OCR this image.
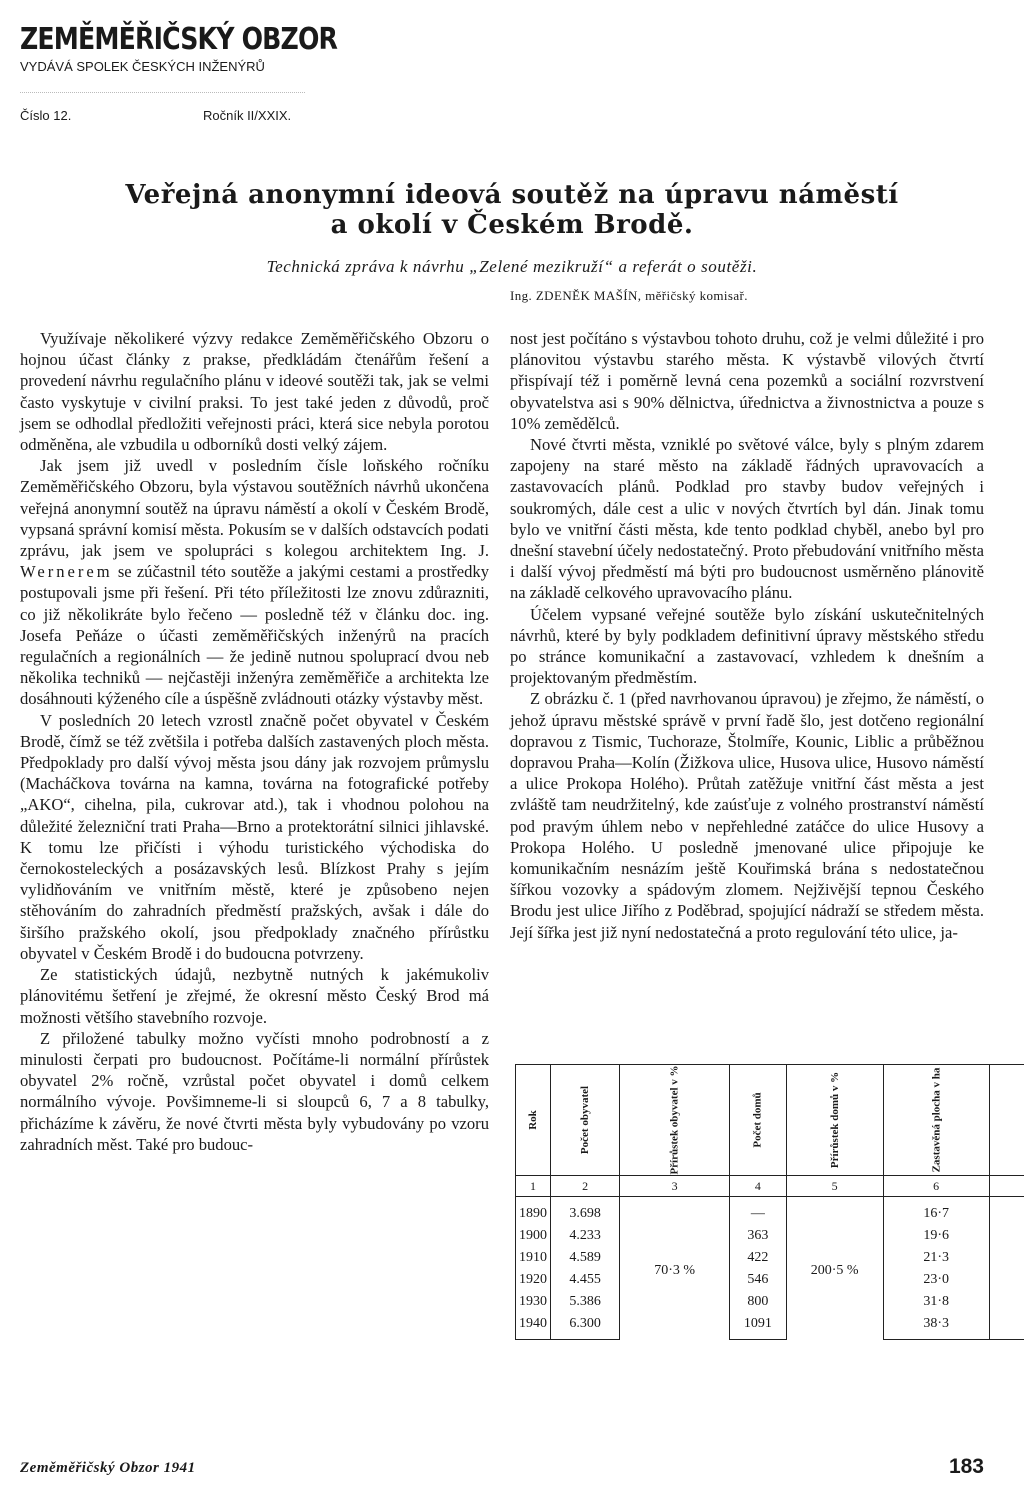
ZEMĚMĚŘIČSKÝ OBZOR
VYDÁVÁ SPOLEK ČESKÝCH INŽENÝRŮ
Číslo 12.	Ročník II/XXIX.
Veřejná anonymní ideová soutěž na úpravu náměstí
a okolí v Českém Brodě.
Technická zpráva k návrhu „Zelené mezikruží“ a referát o soutěži.
Ing. ZDENĚK MAŠÍN, měřičský komisař.

Využívaje několikeré výzvy redakce Zeměměřičského Obzoru o hojnou účast články z prakse, předkládám čtenářům řešení a provedení návrhu regulačního plánu v ideové soutěži tak, jak se velmi často vyskytuje v civilní praksi. To jest také jeden z důvodů, proč jsem se odhodlal předložiti veřejnosti práci, která sice nebyla porotou odměněna, ale vzbudila u odborníků dosti velký zájem.

Jak jsem již uvedl v posledním čísle loňského ročníku Zeměměřičského Obzoru, byla výstavou soutěžních návrhů ukončena veřejná anonymní soutěž na úpravu náměstí a okolí v Českém Brodě, vypsaná správní komisí města. Pokusím se v dalších odstavcích podati zprávu, jak jsem ve spolupráci s kolegou architektem Ing. J. Wernerem se zúčastnil této soutěže a jakými cestami a prostředky postupovali jsme při řešení. Při této příležitosti lze znovu zdůrazniti, co již několikráte bylo řečeno — posledně též v článku doc. ing. Josefa Peňáze o účasti zeměměřičských inženýrů na pracích regulačních a regionálních — že jedině nutnou spoluprací dvou neb několika techniků — nejčastěji inženýra zeměměřiče a architekta lze dosáhnouti kýženého cíle a úspěšně zvládnouti otázky výstavby měst.

V posledních 20 letech vzrostl značně počet obyvatel v Českém Brodě, čímž se též zvětšila i potřeba dalších zastavených ploch města. Předpoklady pro další vývoj města jsou dány jak rozvojem průmyslu (Macháčkova továrna na kamna, továrna na fotografické potřeby „AKO“, cihelna, pila, cukrovar atd.), tak i vhodnou polohou na důležité železniční trati Praha—Brno a protektorátní silnici jihlavské. K tomu lze přičísti i výhodu turistického východiska do černokosteleckých a posázavských lesů. Blízkost Prahy s jejím vylidňováním ve vnitřním městě, které je způsobeno nejen stěhováním do zahradních předměstí pražských, avšak i dále do širšího pražského okolí, jsou předpoklady značného přírůstku obyvatel v Českém Brodě i do budoucna potvrzeny.

Ze statistických údajů, nezbytně nutných k jakémukoliv plánovitému šetření je zřejmé, že okresní město Český Brod má možnosti většího stavebního rozvoje.

Z přiložené tabulky možno vyčísti mnoho podrobností a z minulosti čerpati pro budoucnost. Počítáme-li normální přírůstek obyvatel 2% ročně, vzrůstal počet obyvatel i domů celkem normálního vývoje. Povšimneme-li si sloupců 6, 7 a 8 tabulky, přicházíme k závěru, že nové čtvrti města byly vybudovány po vzoru zahradních měst. Také pro budouc-

nost jest počítáno s výstavbou tohoto druhu, což je velmi důležité i pro plánovitou výstavbu starého města. K výstavbě vilových čtvrtí přispívají též i poměrně levná cena pozemků a sociální rozvrstvení obyvatelstva asi s 90% dělnictva, úřednictva a živnostnictva a pouze s 10% zemědělců.

Nové čtvrti města, vzniklé po světové válce, byly s plným zdarem zapojeny na staré město na základě řádných upravovacích a zastavovacích plánů. Podklad pro stavby budov veřejných i soukromých, dále cest a ulic v nových čtvrtích byl dán. Jinak tomu bylo ve vnitřní části města, kde tento podklad chyběl, anebo byl pro dnešní stavební účely nedostatečný. Proto přebudování vnitřního města i další vývoj předměstí má býti pro budoucnost usměrněno plánovitě na základě celkového upravovacího plánu.

Účelem vypsané veřejné soutěže bylo získání uskutečnitelných návrhů, které by byly podkladem definitivní úpravy městského středu po stránce komunikační a zastavovací, vzhledem k dnešním a projektovaným předměstím.

Z obrázku č. 1 (před navrhovanou úpravou) je zřejmo, že náměstí, o jehož úpravu městské správě v první řadě šlo, jest dotčeno regionální dopravou z Tismic, Tuchoraze, Štolmíře, Kounic, Liblic a průběžnou dopravou Praha—Kolín (Žižkova ulice, Husova ulice, Husovo náměstí a ulice Prokopa Holého). Průtah zatěžuje vnitřní část města a jest zvláště tam neudržitelný, kde zaúsťuje z volného prostranství náměstí pod pravým úhlem nebo v nepřehledné zatáčce do ulice Husovy a Prokopa Holého. U posledně jmenované ulice připojuje ke komunikačním nesnázím ještě Kouřimská brána s nedostatečnou šířkou vozovky a spádovým zlomem. Nejživější tepnou Českého Brodu jest ulice Jiřího z Poděbrad, spojující nádraží se středem města. Její šířka jest již nyní nedostatečná a proto regulování této ulice, ja-

Rok	Počet obyvatel	Přírůstek obyvatel v %	Počet domů	Přírůstek domů v %	Zastavěná plocha v ha		
1	2	3	4	5	6		
1890	3.698	70·3 %	—	200·5 %	16·7		
1900	4.233		363		19·6		
1910	4.589		422		21·3		
1920	4.455		546		23·0		
1930	5.386		800		31·8		
1940	6.300		1091		38·3		
Zeměměřičský Obzor 1941	183
